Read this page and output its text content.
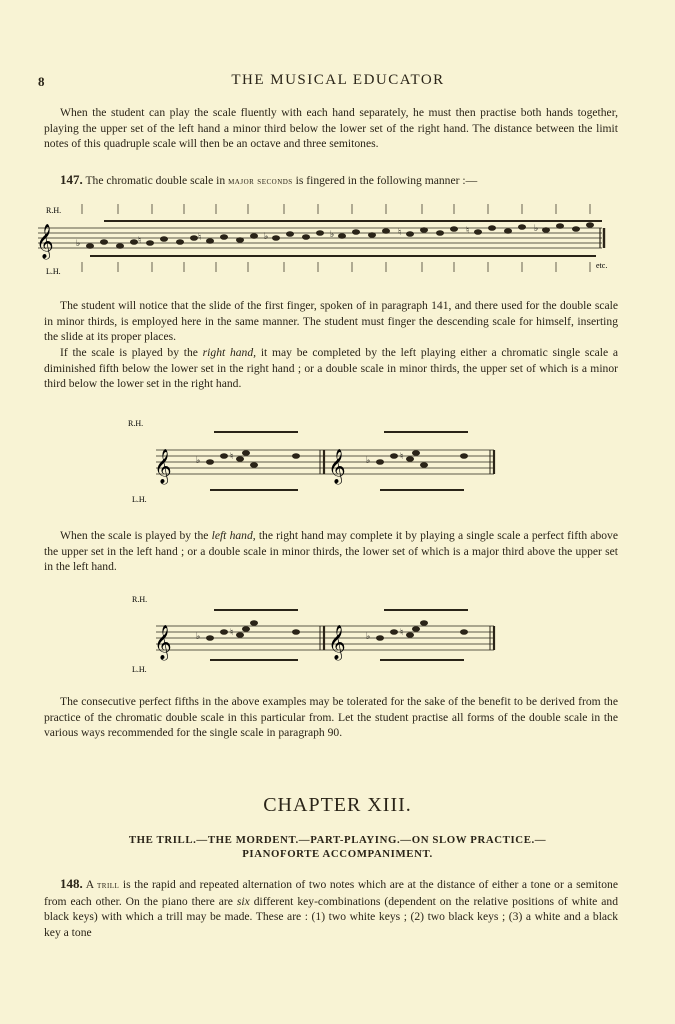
8	THE MUSICAL EDUCATOR

When the student can play the scale fluently with each hand separately, he must then practise both hands together, playing the upper set of the left hand a minor third below the lower set of the right hand. The distance between the limit notes of this quadruple scale will then be an octave and three semitones.

147. The chromatic double scale in major seconds is fingered in the following manner :—

R.H.
L.H.
etc.
𝄞 ♭	♮	♮	♭	♭	♮	♮	♭

The student will notice that the slide of the first finger, spoken of in paragraph 141, and there used for the double scale in minor thirds, is employed here in the same manner. The student must finger the descending scale for himself, inserting the slide at its proper places.

If the scale is played by the right hand, it may be completed by the left playing either a chromatic single scale a diminished fifth below the lower set in the right hand ; or a double scale in minor thirds, the upper set of which is a minor third below the lower set in the right hand.

R.H.
L.H.
𝄞	𝄞
♭	♮	♭	♮

When the scale is played by the left hand, the right hand may complete it by playing a single scale a perfect fifth above the upper set in the left hand ; or a double scale in minor thirds, the lower set of which is a major third above the upper set in the left hand.

R.H.
L.H.
𝄞	𝄞
♭	♮	♭	♮

The consecutive perfect fifths in the above examples may be tolerated for the sake of the benefit to be derived from the practice of the chromatic double scale in this particular from. Let the student practise all forms of the double scale in the various ways recommended for the single scale in paragraph 90.

CHAPTER XIII.
THE TRILL.—THE MORDENT.—PART-PLAYING.—ON SLOW PRACTICE.—
PIANOFORTE ACCOMPANIMENT.

148. A trill is the rapid and repeated alternation of two notes which are at the distance of either a tone or a semitone from each other. On the piano there are six different key-combinations (dependent on the relative positions of white and black keys) with which a trill may be made. These are : (1) two white keys ; (2) two black keys ; (3) a white and a black key a tone
